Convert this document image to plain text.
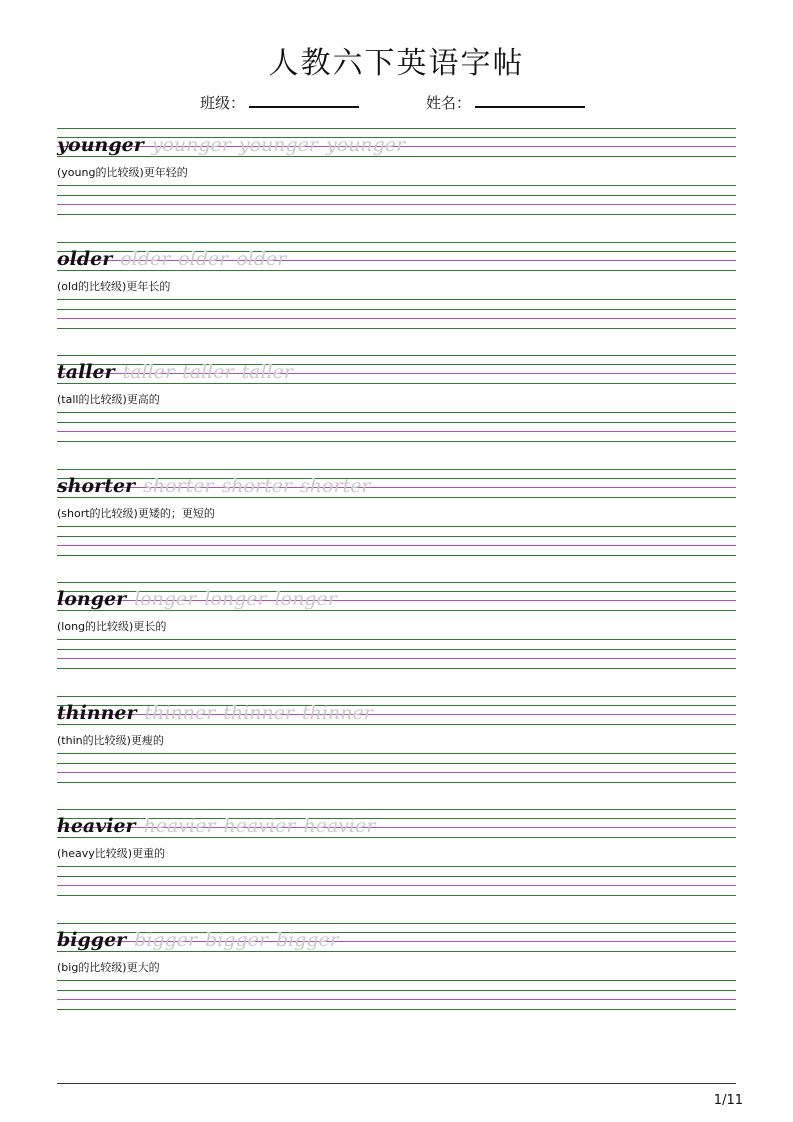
人教六下英语字帖
班级：	姓名：
younger younger younger younger
(young的比较级)更年轻的
older older older older
(old的比较级)更年长的
taller taller taller taller
(tall的比较级)更高的
shorter shorter shorter shorter
(short的比较级)更矮的；更短的
longer longer longer longer
(long的比较级)更长的
thinner thinner thinner thinner
(thin的比较级)更瘦的
heavier heavier heavier heavier
(heavy比较级)更重的
bigger bigger bigger bigger
(big的比较级)更大的
1/11
